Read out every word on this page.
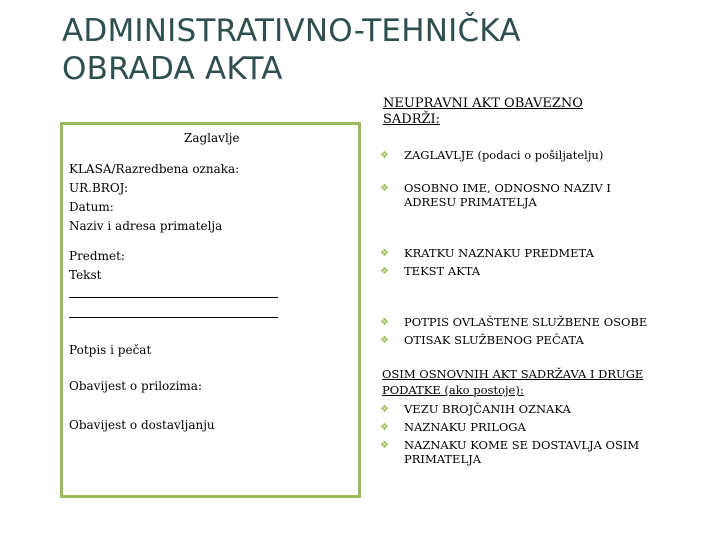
ADMINISTRATIVNO-TEHNIČKA
OBRADA AKTA
Zaglavlje
KLASA/Razredbena oznaka:
UR.BROJ:
Datum:
Naziv i adresa primatelja
Predmet:
Tekst
Potpis i pečat
Obavijest o prilozima:
Obavijest o dostavljanju
NEUPRAVNI AKT OBAVEZNO SADRŽI:
❖	ZAGLAVLJE (podaci o pošiljatelju)
❖	OSOBNO IME, ODNOSNO NAZIV I ADRESU PRIMATELJA
❖	KRATKU NAZNAKU PREDMETA
❖	TEKST AKTA
❖	POTPIS OVLAŠTENE SLUŽBENE OSOBE
❖	OTISAK SLUŽBENOG PEČATA
OSIM OSNOVNIH AKT SADRŽAVA I DRUGE PODATKE (ako postoje):
❖	VEZU BROJČANIH OZNAKA
❖	NAZNAKU PRILOGA
❖	NAZNAKU KOME SE DOSTAVLJA OSIM PRIMATELJA
